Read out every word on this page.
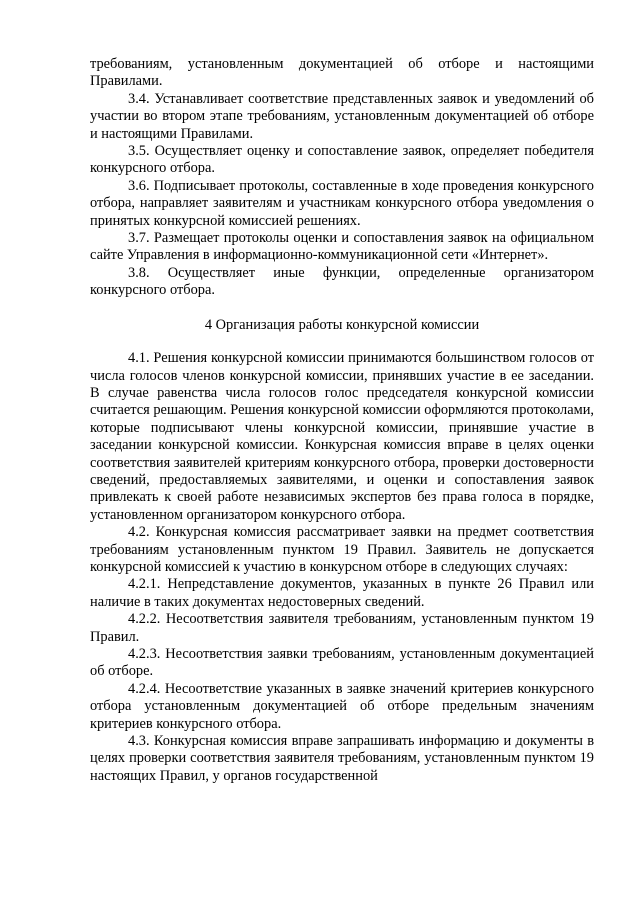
требованиям, установленным документацией об отборе и настоящими Правилами.

3.4. Устанавливает соответствие представленных заявок и уведомлений об участии во втором этапе требованиям, установленным документацией об отборе и настоящими Правилами.

3.5. Осуществляет оценку и сопоставление заявок, определяет победителя конкурсного отбора.

3.6. Подписывает протоколы, составленные в ходе проведения конкурсного отбора, направляет заявителям и участникам конкурсного отбора уведомления о принятых конкурсной комиссией решениях.

3.7. Размещает протоколы оценки и сопоставления заявок на официальном сайте Управления в информационно-коммуникационной сети «Интернет».

3.8. Осуществляет иные функции, определенные организатором конкурсного отбора.

4 Организация работы конкурсной комиссии

4.1. Решения конкурсной комиссии принимаются большинством голосов от числа голосов членов конкурсной комиссии, принявших участие в ее заседании. В случае равенства числа голосов голос председателя конкурсной комиссии считается решающим. Решения конкурсной комиссии оформляются протоколами, которые подписывают члены конкурсной комиссии, принявшие участие в заседании конкурсной комиссии. Конкурсная комиссия вправе в целях оценки соответствия заявителей критериям конкурсного отбора, проверки достоверности сведений, предоставляемых заявителями, и оценки и сопоставления заявок привлекать к своей работе независимых экспертов без права голоса в порядке, установленном организатором конкурсного отбора.

4.2. Конкурсная комиссия рассматривает заявки на предмет соответствия требованиям установленным пунктом 19 Правил. Заявитель не допускается конкурсной комиссией к участию в конкурсном отборе в следующих случаях:

4.2.1. Непредставление документов, указанных в пункте 26 Правил или наличие в таких документах недостоверных сведений.

4.2.2. Несоответствия заявителя требованиям, установленным пунктом 19 Правил.

4.2.3. Несоответствия заявки требованиям, установленным документацией об отборе.

4.2.4. Несоответствие указанных в заявке значений критериев конкурсного отбора установленным документацией об отборе предельным значениям критериев конкурсного отбора.

4.3. Конкурсная комиссия вправе запрашивать информацию и документы в целях проверки соответствия заявителя требованиям, установленным пунктом 19 настоящих Правил, у органов государственной
